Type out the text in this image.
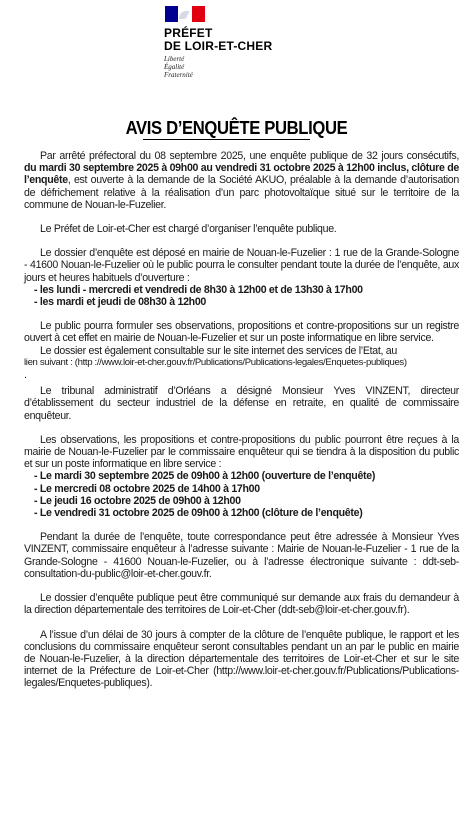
PRÉFET
DE LOIR-ET-CHER
Liberté
Égalité
Fraternité
AVIS D’ENQUÊTE PUBLIQUE

Par arrêté préfectoral du 08 septembre 2025, une enquête publique de 32 jours consécutifs, du mardi 30 septembre 2025 à 09h00 au vendredi 31 octobre 2025 à 12h00 inclus, clôture de l’enquête, est ouverte à la demande de la Société AKUO, préalable à la demande d’autorisation de défrichement relative à la réalisation d’un parc photovoltaïque situé sur le territoire de la commune de Nouan-le-Fuzelier.

Le Préfet de Loir-et-Cher est chargé d’organiser l’enquête publique.

Le dossier d’enquête est déposé en mairie de Nouan-le-Fuzelier : 1 rue de la Grande-Sologne - 41600 Nouan-le-Fuzelier où le public pourra le consulter pendant toute la durée de l’enquête, aux jours et heures habituels d’ouverture :

- les lundi - mercredi et vendredi de 8h30 à 12h00 et de 13h30 à 17h00
- les mardi et jeudi de 08h30 à 12h00

Le public pourra formuler ses observations, propositions et contre-propositions sur un registre ouvert à cet effet en mairie de Nouan-le-Fuzelier et sur un poste informatique en libre service.

Le dossier est également consultable sur le site internet des services de l’Etat, au

lien suivant : (http ://www.loir-et-cher.gouv.fr/Publications/Publications-legales/Enquetes-publiques)
.

Le tribunal administratif d’Orléans a désigné Monsieur Yves VINZENT, directeur d’établissement du secteur industriel de la défense en retraite, en qualité de commissaire enquêteur.

Les observations, les propositions et contre-propositions du public pourront être reçues à la mairie de Nouan-le-Fuzelier par le commissaire enquêteur qui se tiendra à la disposition du public et sur un poste informatique en libre service :

- Le mardi 30 septembre 2025 de 09h00 à 12h00 (ouverture de l’enquête)
- Le mercredi 08 octobre 2025 de 14h00 à 17h00
- Le jeudi 16 octobre 2025 de 09h00 à 12h00
- Le vendredi 31 octobre 2025 de 09h00 à 12h00 (clôture de l’enquête)

Pendant la durée de l’enquête, toute correspondance peut être adressée à Monsieur Yves VINZENT, commissaire enquêteur à l’adresse suivante : Mairie de Nouan-le-Fuzelier - 1 rue de la Grande-Sologne - 41600 Nouan-le-Fuzelier, ou à l’adresse électronique suivante : ddt-seb-consultation-du-public@loir-et-cher.gouv.fr.

Le dossier d’enquête publique peut être communiqué sur demande aux frais du demandeur à la direction départementale des territoires de Loir-et-Cher (ddt-seb@loir-et-cher.gouv.fr).

A l’issue d’un délai de 30 jours à compter de la clôture de l’enquête publique, le rapport et les conclusions du commissaire enquêteur seront consultables pendant un an par le public en mairie de Nouan-le-Fuzelier, à la direction départementale des territoires de Loir-et-Cher et sur le site internet de la Préfecture de Loir-et-Cher (http://www.loir-et-cher.gouv.fr/Publications/Publications-legales/Enquetes-publiques).
